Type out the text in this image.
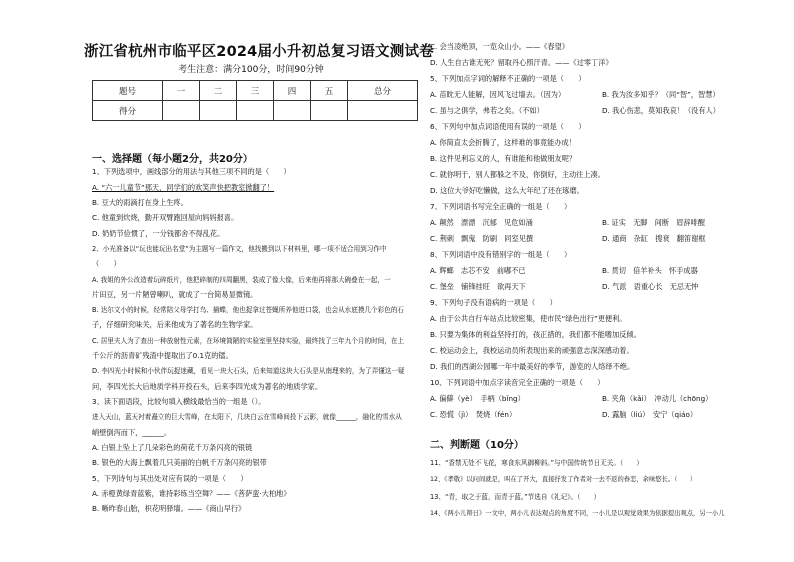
浙江省杭州市临平区2024届小升初总复习语文测试卷
考生注意：满分100分，时间90分钟
题号	一	二	三	四	五	总分
得分						
一、选择题（每小题2分，共20分）
1、下列选项中，画线部分的用法与其他三项不同的是（　　）
A. “六一儿童节”那天，同学们的欢笑声快把教室掀翻了！
B. 豆大的雨滴打在身上生疼。
C. 他童到炊烧，勤开双臂跑回屋向妈妈报喜。
D. 奶奶节俭惯了，一分钱都舍不得乱花。
2、小光准备以“玩也能玩出名堂”为主题写一篇作文，他找搬到以下材料里，哪一项不适合用到习作中
（　　）
A. 我姐的外公改造着玩碎纸片，他把碎制的四周翻黑，装成了像大像，后来他再将那大碗叠在一起，一
片田豆，另一片陋曾喇叭，就成了一台简易显微镜。
B. 达尔文小的时候，经常陪父母学打鸟、捕蝶，他也捉拿过苍蝇所养他进口袋，也会从水底摸几个彩色的石
子，仔细研究味关，后来他成为了著名的生物学家。
C. 居里夫人为了查出一种放射性元素，在环境简陋的实验室里坚持实验，最终找了三年九个月的时间，在上
千公斤的沥青矿残渣中提取出了0.1克的镭。
D. 李四光小时候和小伙伴玩捉迷藏，看见一块大石头，后来知道这块大石头是从南理来的，为了弄懂这一疑
问，李四光长大后地质学科开投石头，后来李四光成为著名的地质学家。
3、读下面语段，比较句填入横线最恰当的一组是（）。
进入天山，蓝天衬着矗立的巨大雪峰，在太阳下，几块白云在雪峰间投下云影，就像______，融化的雪水从
峭壁倒泻而下，______。
A. 白银上坠上了几朵彩色的荷花千万条闪亮的银链
B. 银色的大海上飘着几只美丽的白帆千万条闪亮的银带
5、下列诗句与其出处对应有误的一项是（　　）
A. 赤橙黄绿青蓝紫，谁持彩练当空舞？——《菩萨蛮·大柏地》
B. 晰昨春山胎，枳花明驿墙。——《商山早行》
C. 会当凌绝顶，一览众山小。——《春望》
D. 人生自古谁无死？留取丹心照汗青。——《过零丁洋》
5、下列加点字词的解释不正确的一项是（　　）
A. 苗眈无人能解，因风飞过墙去。（因为）	B. 我为汝多知乎？（同“智”，智慧）
C. 虽与之俱学，弗若之矣。（不如）	D. 我心伤悲，莫知我哀！（没有人）
6、下列句中加点词语使用有误的一项是（　　）
A. 你简直太会折腾了，这样难的事竟能办成！
B. 这件见利忘义的人，有谁能和他做朋友呢？
C. 就你明于，别人都躲之不及，你倒好，主动往上凑。
D. 这位大爷好吃懒做，这么大年纪了还在琢磨。
7、下列词语书写完全正确的一组是（　　）
A. 颠然　漂漂　沉郁　见危如涌	B. 证实　无脚　间断　眉辞啡醒
C. 荆刺　飘鬼　防刷　同室见撰	D. 通商　杂缸　搜衰　翻笛谢框
8、下列词语中没有错别字的一组是（　　）
A. 辉螂　志芯不安　前嘟不已	B. 贯切　倍羊补头　怀手成器
C. 堡垒　铺锋挂旺　欲再天下	D. 气派　语重心长　无忌无忡
9、下列句子没有语病的一项是（　　）
A. 由于公共自行车站点比较密集，使市民“绿色出行”更便利。
B. 只要为集体的利益坚持打的，孩正措的，我们都不能嗜加反倾。
C. 校运动会上，我校运动员所表现出来的顽强意志深深感动着。
D. 我们的西湖公园哪一年中最美好的季节，游览的人络绎不绝。
10、下列词语中加点字读音完全正确的一项是（　　）
A. 偏僻（yè）　手柄（bǐng）	B. 夹角（kǎi）　冲动儿（chōng）
C. 恐慌（jì）　焚烧（fén）	D. 露脑（liú）　安宁（qiáo）
二、判断题（10分）
11、“香禁无处不飞花，寒食东风御柳斜。”与中国传统节日无关。（　　）
12、《孝敬》以问间就是，叫在了开大，直接抒发了作者对一去不返的眷恋，余味悠长。（　　）
13、“青，取之于蓝，而青于蓝。”节选自《礼记》。（　　）
14、《两小儿辩日》一文中，两小儿表达观点的角度不同，一小儿是以观觉效果为依据提出观点，另一小儿
